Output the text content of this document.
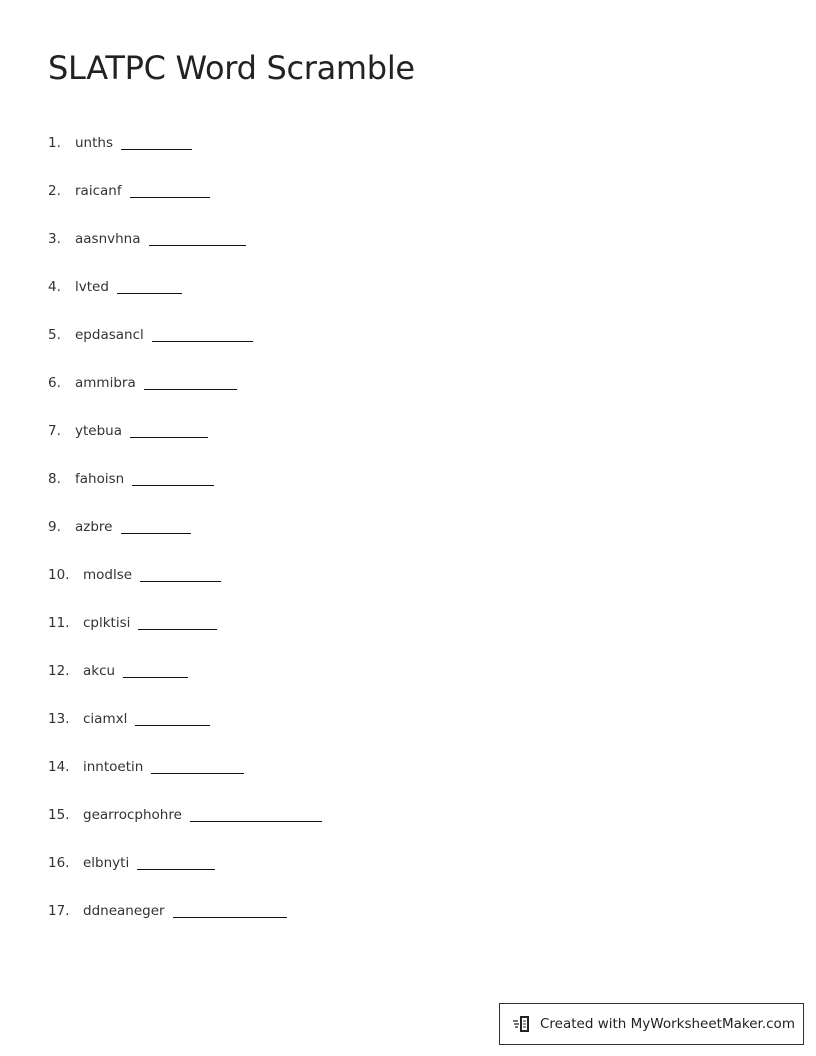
SLATPC Word Scramble
1.	unths
2.	raicanf
3.	aasnvhna
4.	lvted
5.	epdasancl
6.	ammibra
7.	ytebua
8.	fahoisn
9.	azbre
10.	modlse
11.	cplktisi
12.	akcu
13.	ciamxl
14.	inntoetin
15.	gearrocphohre
16.	elbnyti
17.	ddneaneger
Created with MyWorksheetMaker.com
